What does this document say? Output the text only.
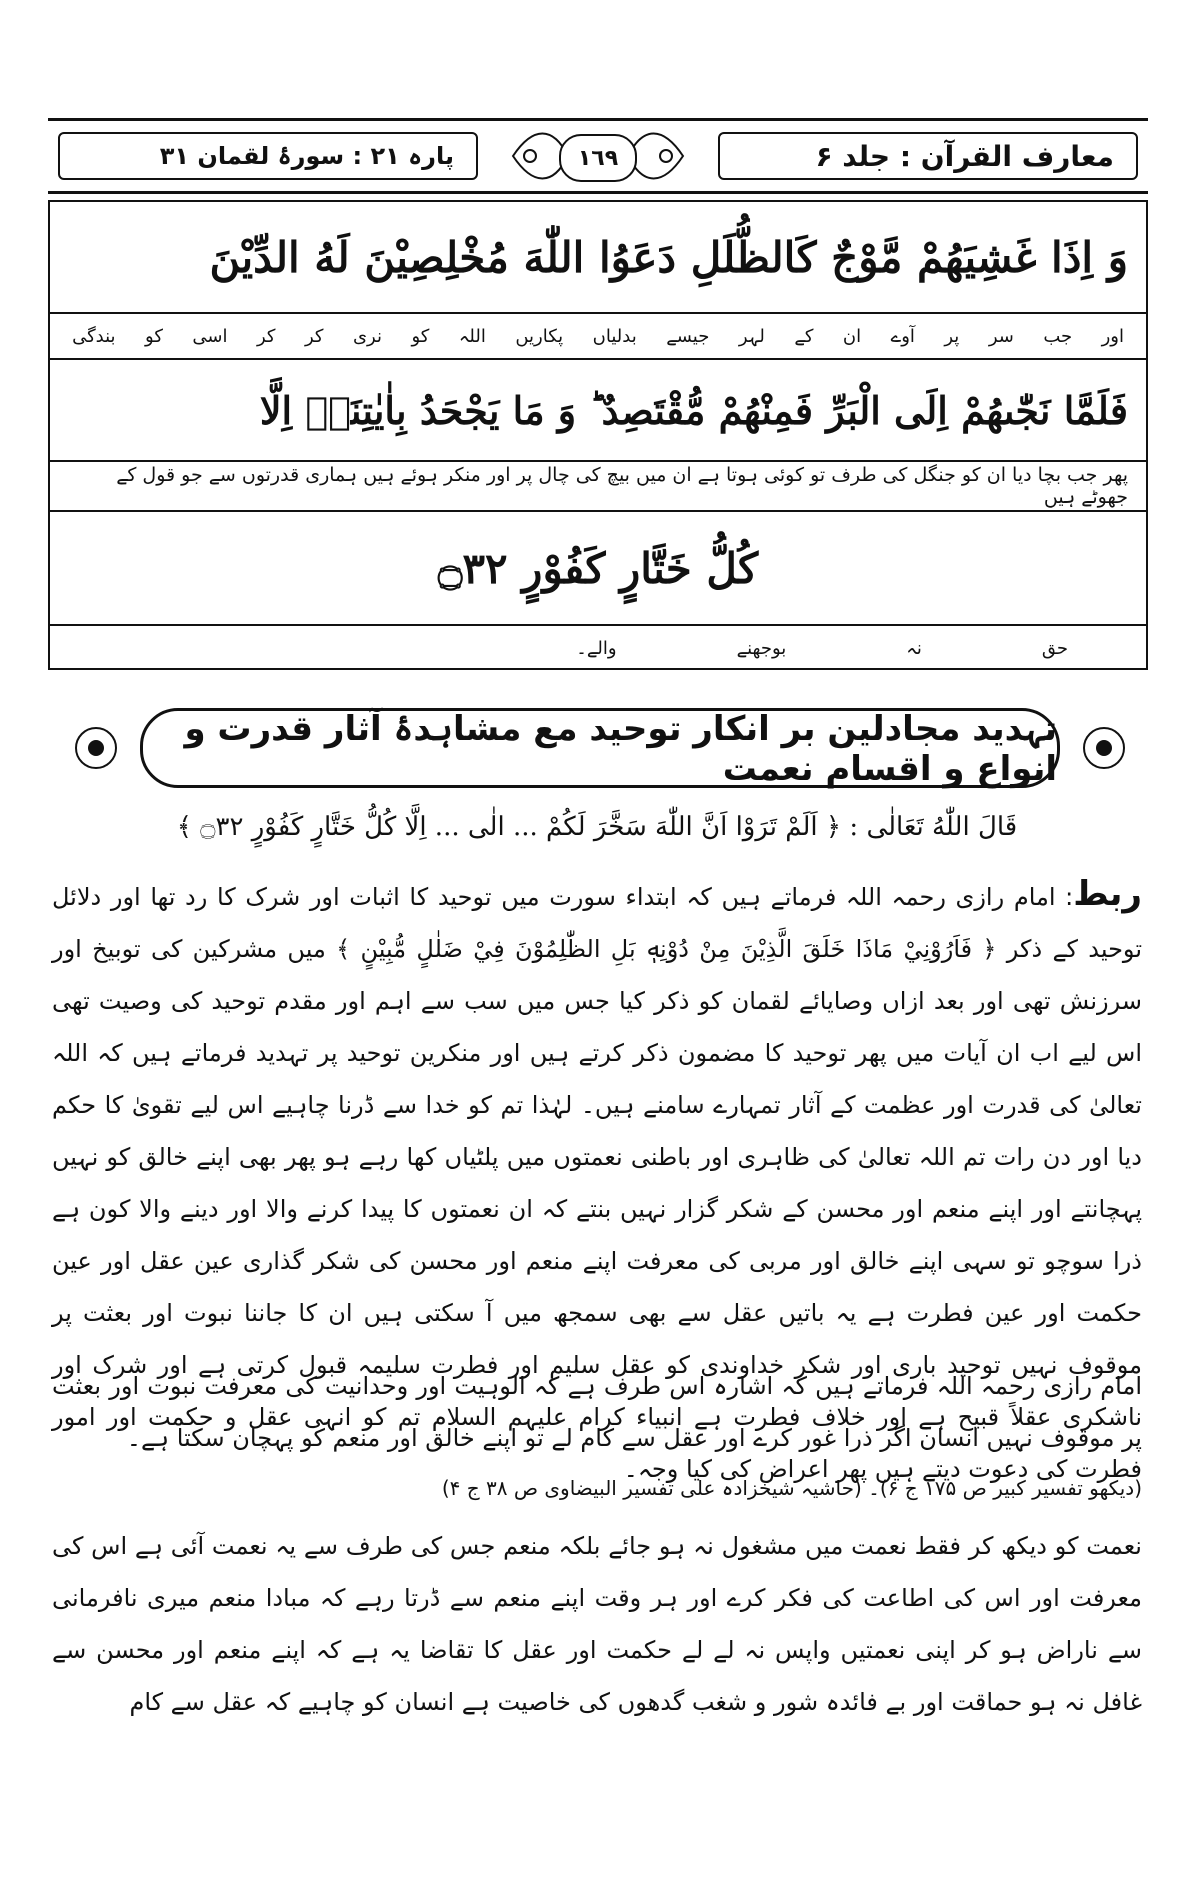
پارہ ۲۱ : سورۂ لقمان ۳۱	١٦٩	معارف القرآن : جلد ۶
وَ اِذَا غَشِيَهُمْ مَّوْجٌ كَالظُّلَلِ دَعَوُا اللّٰهَ مُخْلِصِيْنَ لَهُ الدِّيْنَ
اور
جب
سر
پر
آوے
ان
کے
لہر
جیسے
بدلیاں
پکاریں
اللہ
کو
نری
کر
کر
اسی
کو
بندگی
فَلَمَّا نَجّٰىهُمْ اِلَى الْبَرِّ فَمِنْهُمْ مُّقْتَصِدٌ ؕ وَ مَا يَجْحَدُ بِاٰيٰتِنَاۤ اِلَّا
پھر جب بچا دیا ان کو جنگل کی طرف تو کوئی ہوتا ہے ان میں بیچ کی چال پر اور منکر ہوئے ہیں ہماری قدرتوں سے جو قول کے جھوٹے ہیں
كُلُّ خَتَّارٍ كَفُوْرٍ ۝۳۲
حق
نہ
بوجھنے
والے۔
تہدید مجادلین بر انکار توحید مع مشاہدۂ آثار قدرت و انواع و اقسام نعمت
قَالَ اللّٰهُ تَعَالٰی : ﴿ اَلَمْ تَرَوْا اَنَّ اللّٰهَ سَخَّرَ لَكُمْ ... الٰی ... اِلَّا كُلُّ خَتَّارٍ كَفُوْرٍ ۝۳۲ ﴾
ربط: امام رازی رحمہ اللہ فرماتے ہیں کہ ابتداء سورت میں توحید کا اثبات اور شرک کا رد تھا اور دلائل توحید کے ذکر ﴿ فَاَرُوْنِيْ مَاذَا خَلَقَ الَّذِيْنَ مِنْ دُوْنِهٖ بَلِ الظّٰلِمُوْنَ فِيْ ضَلٰلٍ مُّبِيْنٍ ﴾ میں مشرکین کی توبیخ اور سرزنش تھی اور بعد ازاں وصایائے لقمان کو ذکر کیا جس میں سب سے اہم اور مقدم توحید کی وصیت تھی اس لیے اب ان آیات میں پھر توحید کا مضمون ذکر کرتے ہیں اور منکرین توحید پر تہدید فرماتے ہیں کہ اللہ تعالیٰ کی قدرت اور عظمت کے آثار تمہارے سامنے ہیں۔ لہٰذا تم کو خدا سے ڈرنا چاہیے اس لیے تقویٰ کا حکم دیا اور دن رات تم اللہ تعالیٰ کی ظاہری اور باطنی نعمتوں میں پلٹیاں کھا رہے ہو پھر بھی اپنے خالق کو نہیں پہچانتے اور اپنے منعم اور محسن کے شکر گزار نہیں بنتے کہ ان نعمتوں کا پیدا کرنے والا اور دینے والا کون ہے ذرا سوچو تو سہی اپنے خالق اور مربی کی معرفت اپنے منعم اور محسن کی شکر گذاری عین عقل اور عین حکمت اور عین فطرت ہے یہ باتیں عقل سے بھی سمجھ میں آ سکتی ہیں ان کا جاننا نبوت اور بعثت پر موقوف نہیں توحید باری اور شکر خداوندی کو عقل سلیم اور فطرت سلیمہ قبول کرتی ہے اور شرک اور ناشکری عقلاً قبیح ہے اور خلاف فطرت ہے انبیاء کرام علیہم السلام تم کو انہی عقل و حکمت اور امور فطرت کی دعوت دیتے ہیں پھر اعراض کی کیا وجہ۔
امام رازی رحمہ اللہ فرماتے ہیں کہ اشارہ اس طرف ہے کہ الوہیت اور وحدانیت کی معرفت نبوت اور بعثت پر موقوف نہیں انسان اگر ذرا غور کرے اور عقل سے کام لے تو اپنے خالق اور منعم کو پہچان سکتا ہے۔
(دیکھو تفسیر کبیر ص ۱۷۵ ج ۶)۔ (حاشیہ شیخزادہ علی تفسیر البیضاوی ص ۳۸ ج ۴)
نعمت کو دیکھ کر فقط نعمت میں مشغول نہ ہو جائے بلکہ منعم جس کی طرف سے یہ نعمت آئی ہے اس کی معرفت اور اس کی اطاعت کی فکر کرے اور ہر وقت اپنے منعم سے ڈرتا رہے کہ مبادا منعم میری نافرمانی سے ناراض ہو کر اپنی نعمتیں واپس نہ لے لے حکمت اور عقل کا تقاضا یہ ہے کہ اپنے منعم اور محسن سے غافل نہ ہو حماقت اور بے فائدہ شور و شغب گدھوں کی خاصیت ہے انسان کو چاہیے کہ عقل سے کام
